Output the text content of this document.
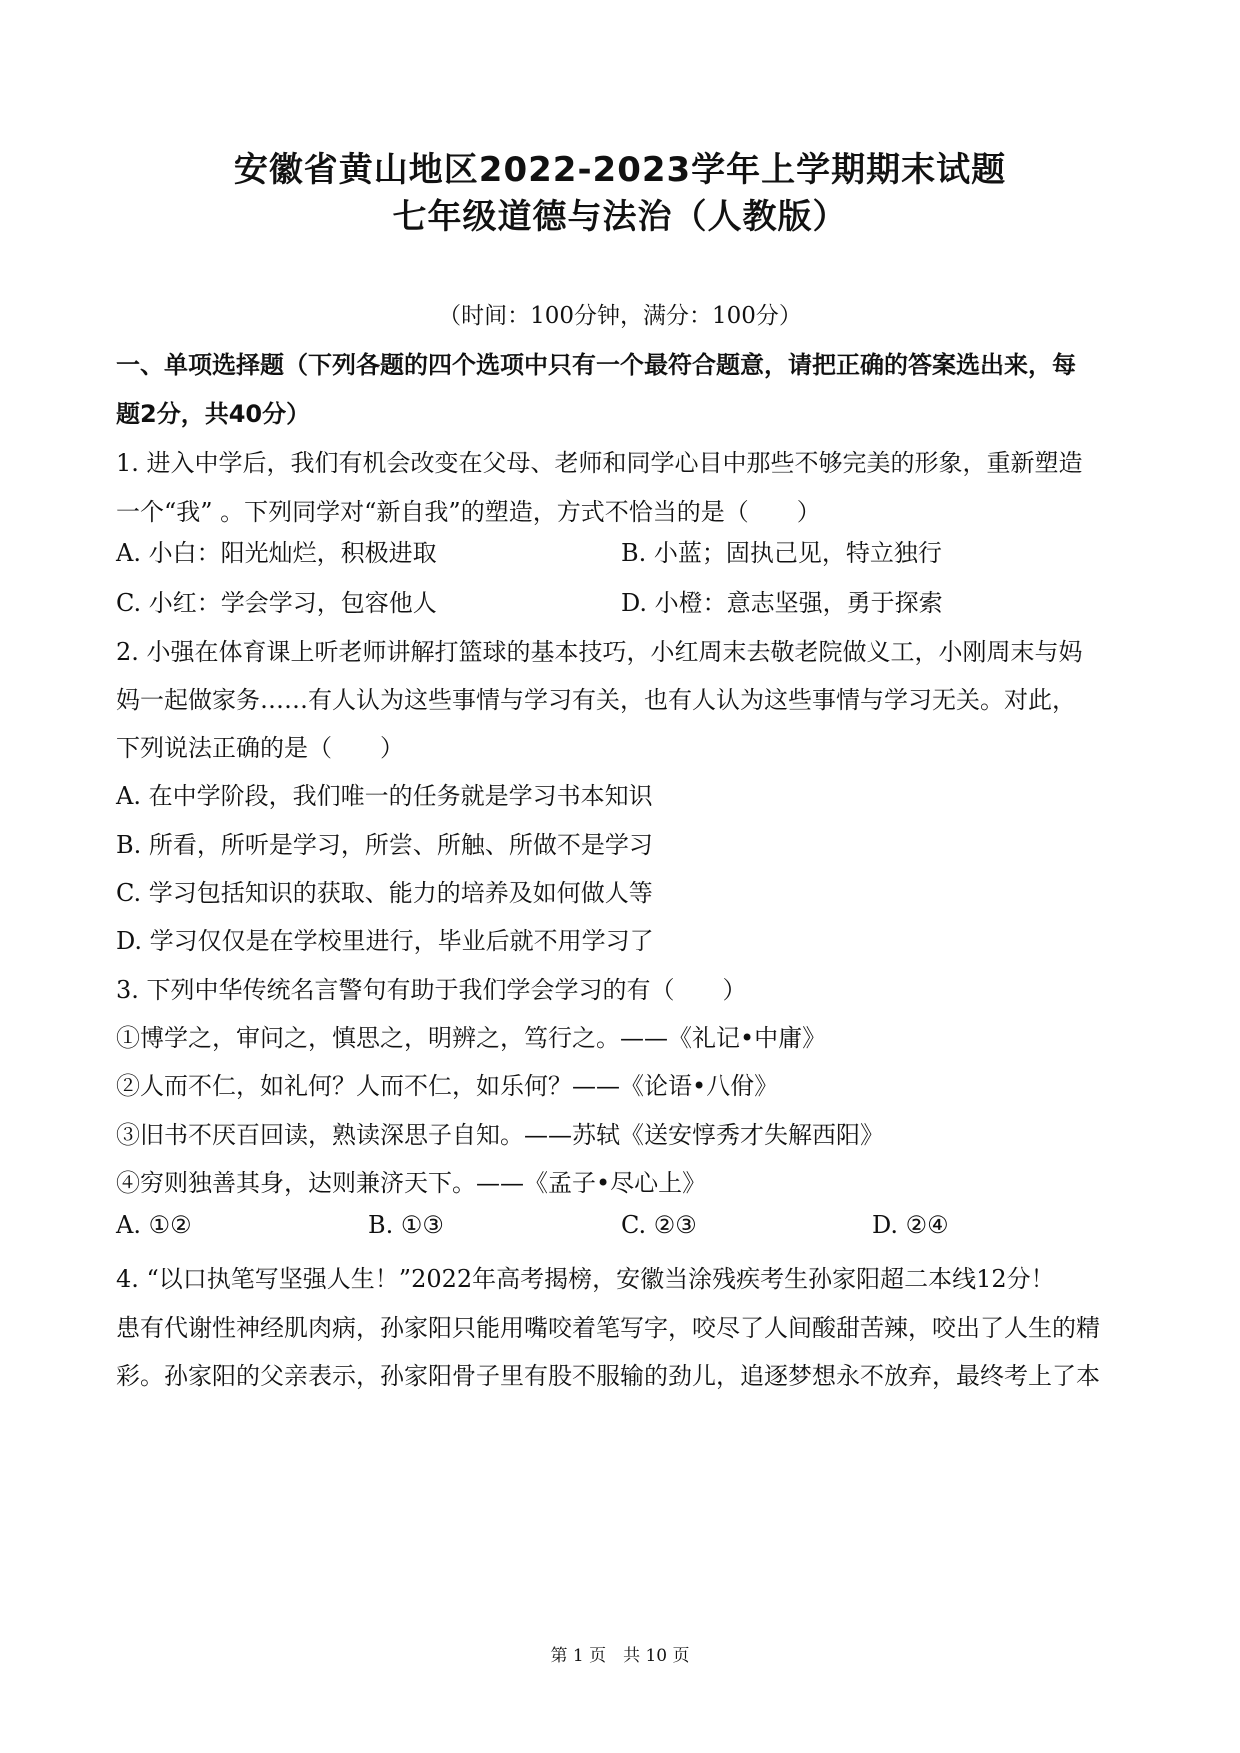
安徽省黄山地区2022-2023学年上学期期末试题
七年级道德与法治（人教版）
（时间：100分钟，满分：100分）
一、单项选择题（下列各题的四个选项中只有一个最符合题意，请把正确的答案选出来，每
题2分，共40分）
1. 进入中学后，我们有机会改变在父母、老师和同学心目中那些不够完美的形象，重新塑造
一个“我” 。下列同学对“新自我”的塑造，方式不恰当的是（　　）
A. 小白：阳光灿烂，积极进取	B. 小蓝；固执己见，特立独行
C. 小红：学会学习，包容他人	D. 小橙：意志坚强，勇于探索
2. 小强在体育课上听老师讲解打篮球的基本技巧，小红周末去敬老院做义工，小刚周末与妈
妈一起做家务……有人认为这些事情与学习有关，也有人认为这些事情与学习无关。对此，
下列说法正确的是（　　）
A. 在中学阶段，我们唯一的任务就是学习书本知识
B. 所看，所听是学习，所尝、所触、所做不是学习
C. 学习包括知识的获取、能力的培养及如何做人等
D. 学习仅仅是在学校里进行，毕业后就不用学习了
3. 下列中华传统名言警句有助于我们学会学习的有（　　）
①博学之，审问之，慎思之，明辨之，笃行之。——《礼记•中庸》
②人而不仁，如礼何？人而不仁，如乐何？——《论语•八佾》
③旧书不厌百回读，熟读深思子自知。——苏轼《送安惇秀才失解西阳》
④穷则独善其身，达则兼济天下。——《孟子•尽心上》
A. ①②	B. ①③	C. ②③	D. ②④
4. “以口执笔写坚强人生！”2022年高考揭榜，安徽当涂残疾考生孙家阳超二本线12分！
患有代谢性神经肌肉病，孙家阳只能用嘴咬着笔写字，咬尽了人间酸甜苦辣，咬出了人生的精
彩。孙家阳的父亲表示，孙家阳骨子里有股不服输的劲儿，追逐梦想永不放弃，最终考上了本
第 1 页　共 10 页
